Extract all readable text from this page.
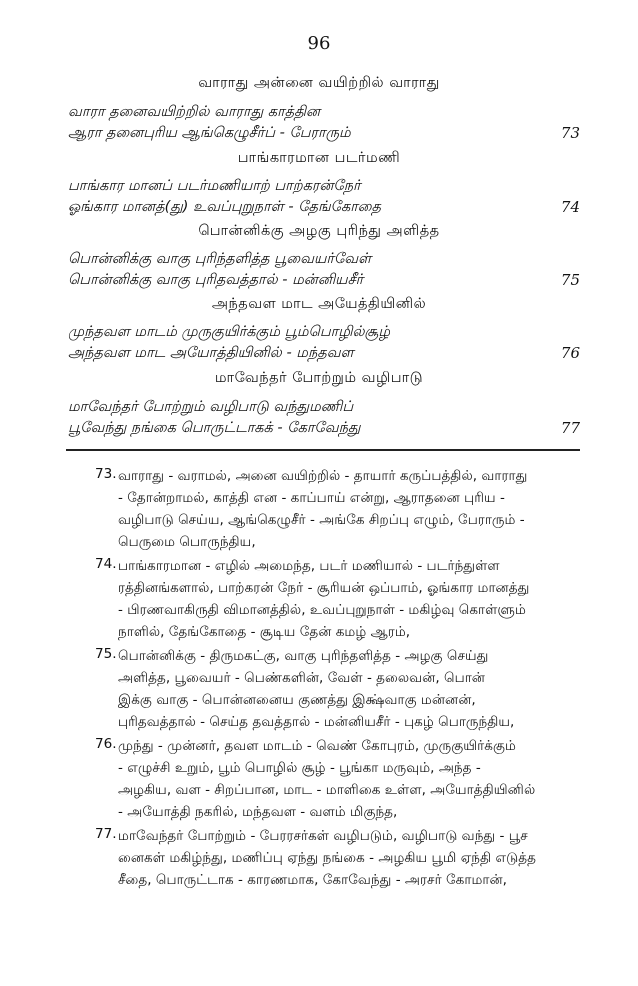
96
வாராது அன்னை வயிற்றில் வாராது
வாரா தனைவயிற்றில் வாராது காத்தின
ஆரா தனைபுரிய ஆங்கெழுசீர்ப் - பேராரும்	73
பாங்காரமான படர்மணி
பாங்கார மானப் படர்மணியாற் பாற்கரன்நேர்
ஓங்கார மானத்(து) உவப்புறுநாள் - தேங்கோதை	74
பொன்னிக்கு அழகு புரிந்து அளித்த
பொன்னிக்கு வாகு புரிந்தளித்த பூவையர்வேள்
பொன்னிக்கு வாகு புரிதவத்தால் - மன்னியசீர்	75
அந்தவள மாட அயேத்தியினில்
முந்தவள மாடம் முருகுயிர்க்கும் பூம்பொழில்சூழ்
அந்தவள மாட அயோத்தியினில் - மந்தவள	76
மாவேந்தர் போற்றும் வழிபாடு
மாவேந்தர் போற்றும் வழிபாடு வந்துமணிப்
பூவேந்து நங்கை பொருட்டாகக் - கோவேந்து	77
73. வாராது - வராமல், அனை வயிற்றில் - தாயார் கருப்பத்தில், வாராது
- தோன்றாமல், காத்தி என - காப்பாய் என்று, ஆராதனை புரிய -
வழிபாடு செய்ய, ஆங்கெழுசீர் - அங்கே சிறப்பு எழும், பேராரும் -
பெருமை பொருந்திய,
74. பாங்காரமான - எழில் அமைந்த, படர் மணியால் - படர்ந்துள்ள
ரத்தினங்களால், பாற்கரன் நேர் - சூரியன் ஒப்பாம், ஓங்கார மானத்து
- பிரணவாகிருதி விமானத்தில், உவப்புறுநாள் - மகிழ்வு கொள்ளும்
நாளில், தேங்கோதை - சூடிய தேன் கமழ் ஆரம்,
75. பொன்னிக்கு - திருமகட்கு, வாகு புரிந்தளித்த - அழகு செய்து
அளித்த, பூவையர் - பெண்களின், வேள் - தலைவன், பொன்
இக்கு வாகு - பொன்னனைய குணத்து இக்ஷ்வாகு மன்னன்,
புரிதவத்தால் - செய்த தவத்தால் - மன்னியசீர் - புகழ் பொருந்திய,
76. முந்து - முன்னர், தவள மாடம் - வெண் கோபுரம், முருகுயிர்க்கும்
- எழுச்சி உறும், பூம் பொழில் சூழ் - பூங்கா மருவும், அந்த -
அழகிய, வள - சிறப்பான, மாட - மாளிகை உள்ள, அயோத்தியினில்
- அயோத்தி நகரில், மந்தவள - வளம் மிகுந்த,
77. மாவேந்தர் போற்றும் - பேரரசர்கள் வழிபடும், வழிபாடு வந்து - பூச
னைகள் மகிழ்ந்து, மணிப்பு ஏந்து நங்கை - அழகிய பூமி ஏந்தி எடுத்த
சீதை, பொருட்டாக - காரணமாக, கோவேந்து - அரசர் கோமான்,
